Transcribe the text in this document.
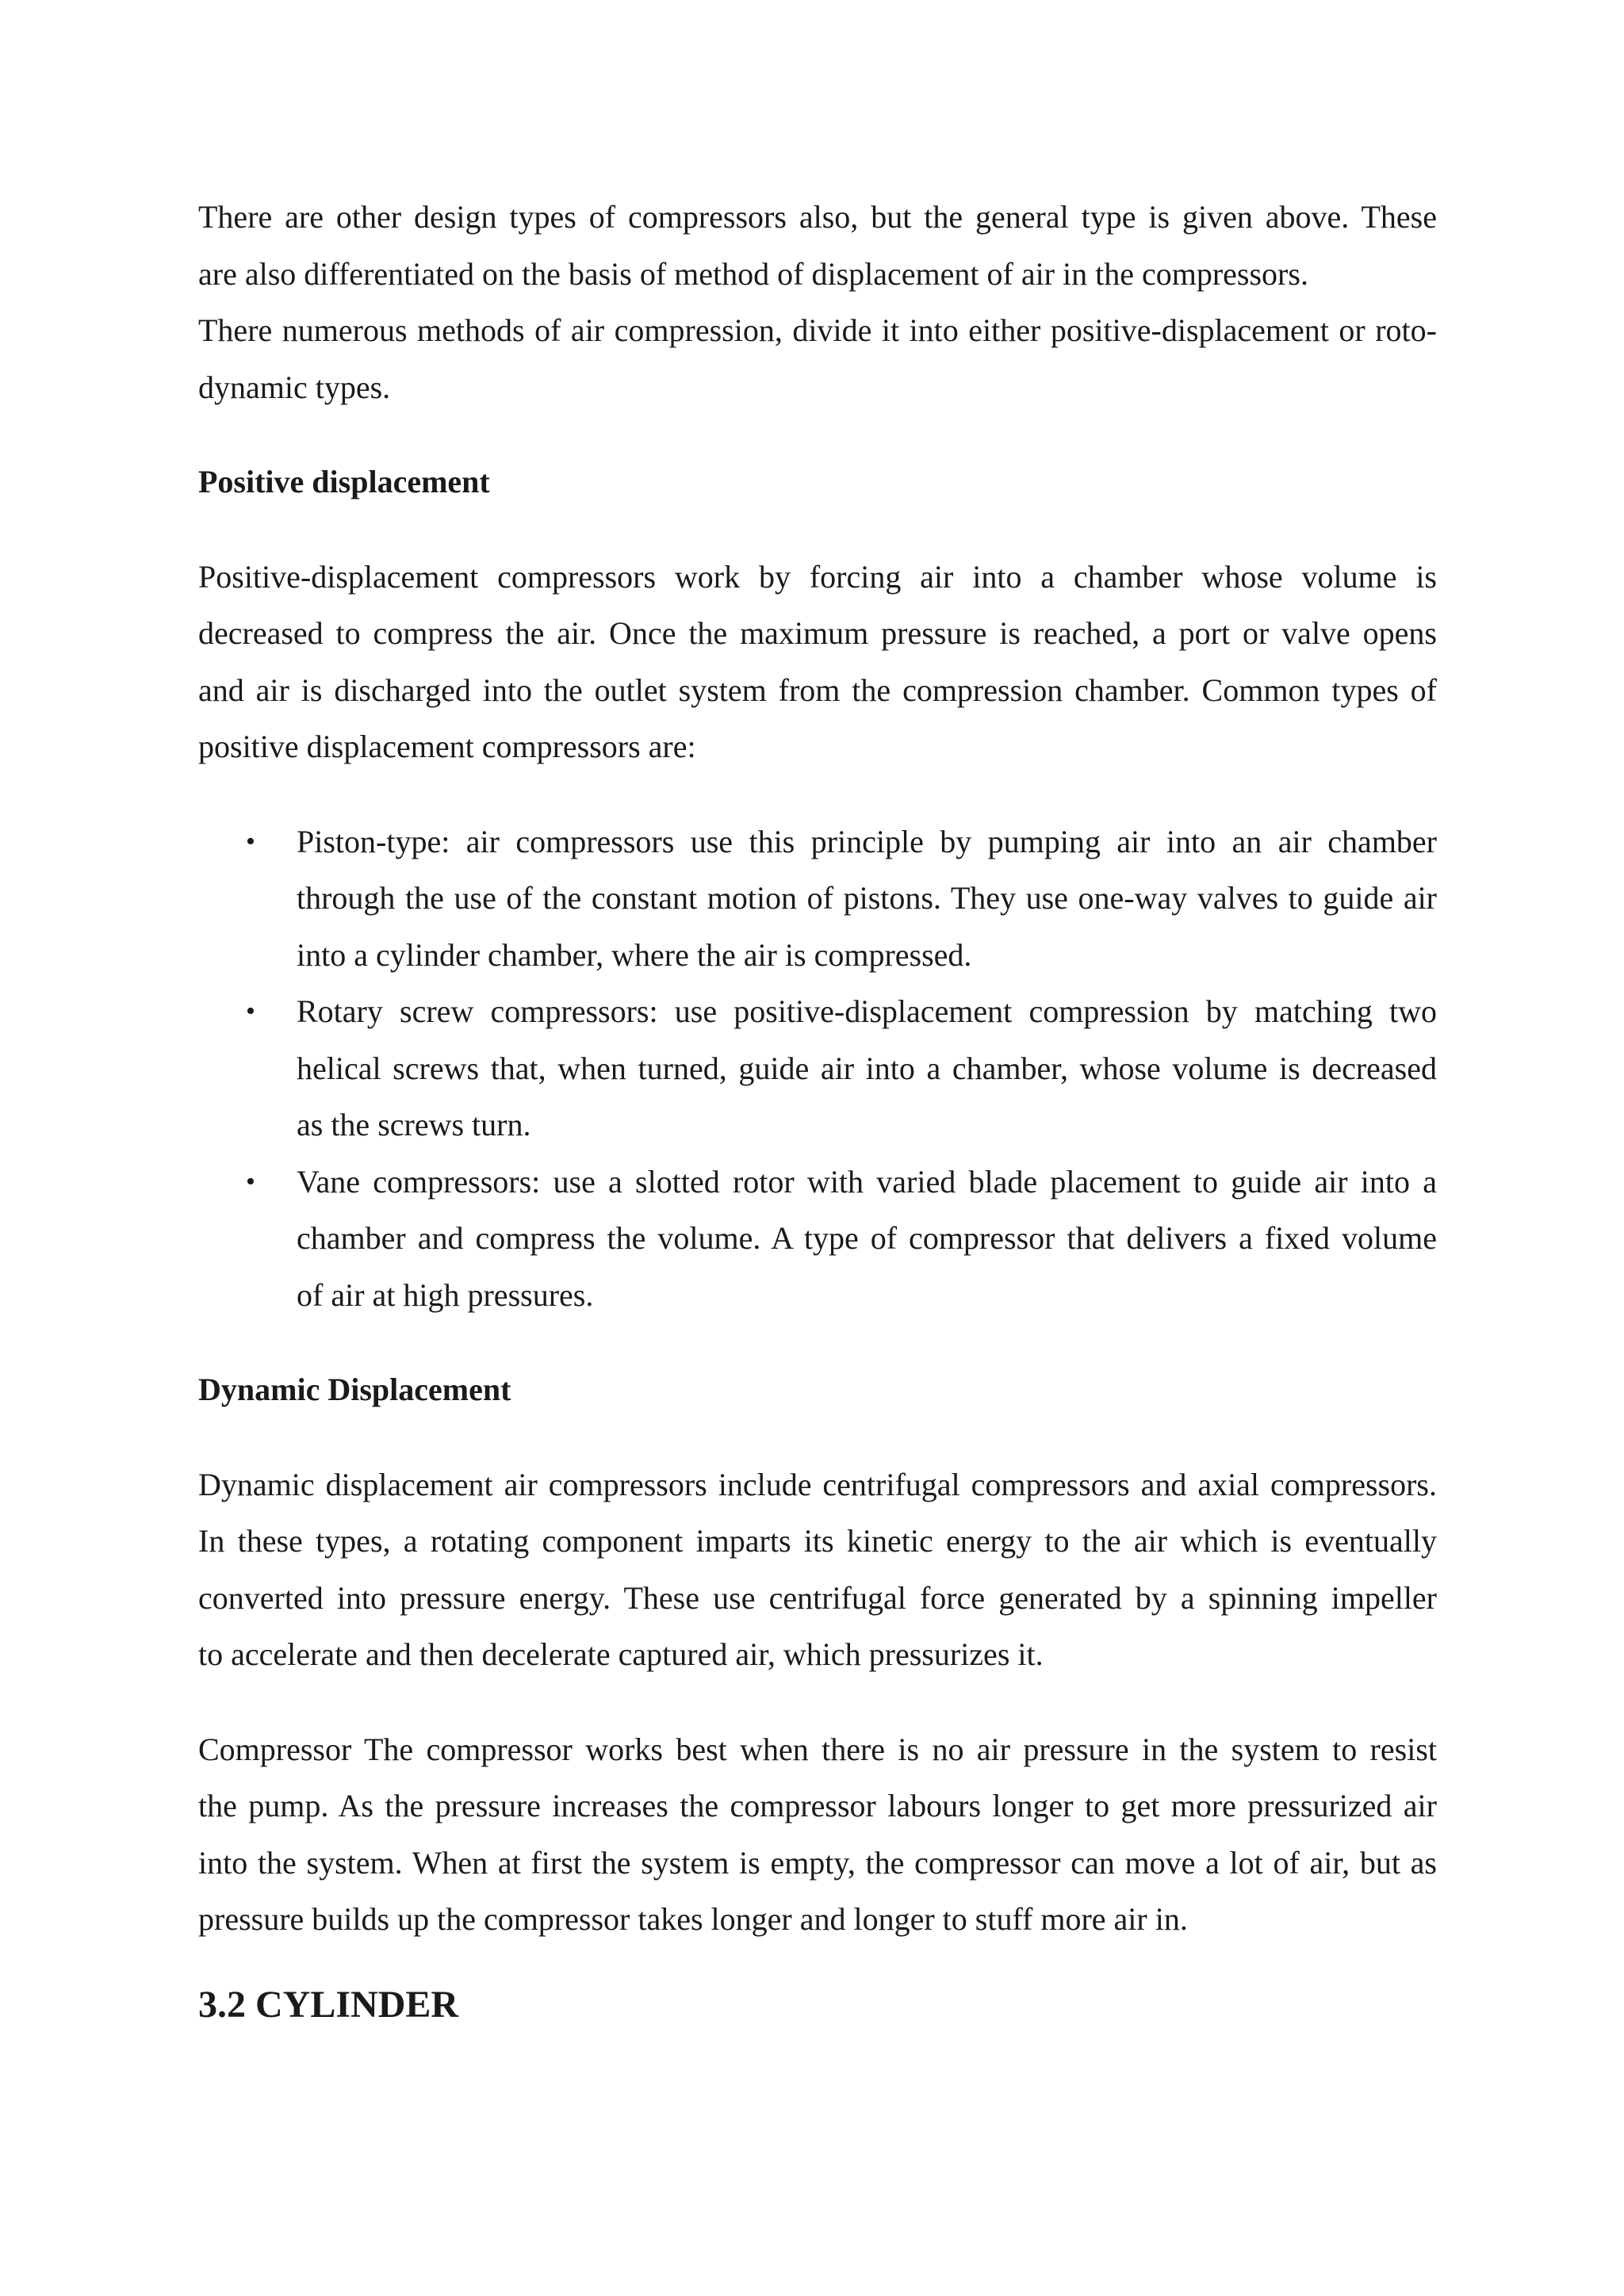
There are other design types of compressors also, but the general type is given above. These
are also differentiated on the basis of method of displacement of air in the compressors.
There numerous methods of air compression, divide it into either positive-displacement or roto-
dynamic types.

Positive displacement

Positive-displacement compressors work by forcing air into a chamber whose volume is
decreased to compress the air. Once the maximum pressure is reached, a port or valve opens
and air is discharged into the outlet system from the compression chamber. Common types of
positive displacement compressors are:

• Piston-type: air compressors use this principle by pumping air into an air chamber
through the use of the constant motion of pistons. They use one-way valves to guide air
into a cylinder chamber, where the air is compressed.
• Rotary screw compressors: use positive-displacement compression by matching two
helical screws that, when turned, guide air into a chamber, whose volume is decreased
as the screws turn.
• Vane compressors: use a slotted rotor with varied blade placement to guide air into a
chamber and compress the volume. A type of compressor that delivers a fixed volume
of air at high pressures.

Dynamic Displacement

Dynamic displacement air compressors include centrifugal compressors and axial compressors.
In these types, a rotating component imparts its kinetic energy to the air which is eventually
converted into pressure energy. These use centrifugal force generated by a spinning impeller
to accelerate and then decelerate captured air, which pressurizes it.

Compressor The compressor works best when there is no air pressure in the system to resist
the pump. As the pressure increases the compressor labours longer to get more pressurized air
into the system. When at first the system is empty, the compressor can move a lot of air, but as
pressure builds up the compressor takes longer and longer to stuff more air in.

3.2 CYLINDER
